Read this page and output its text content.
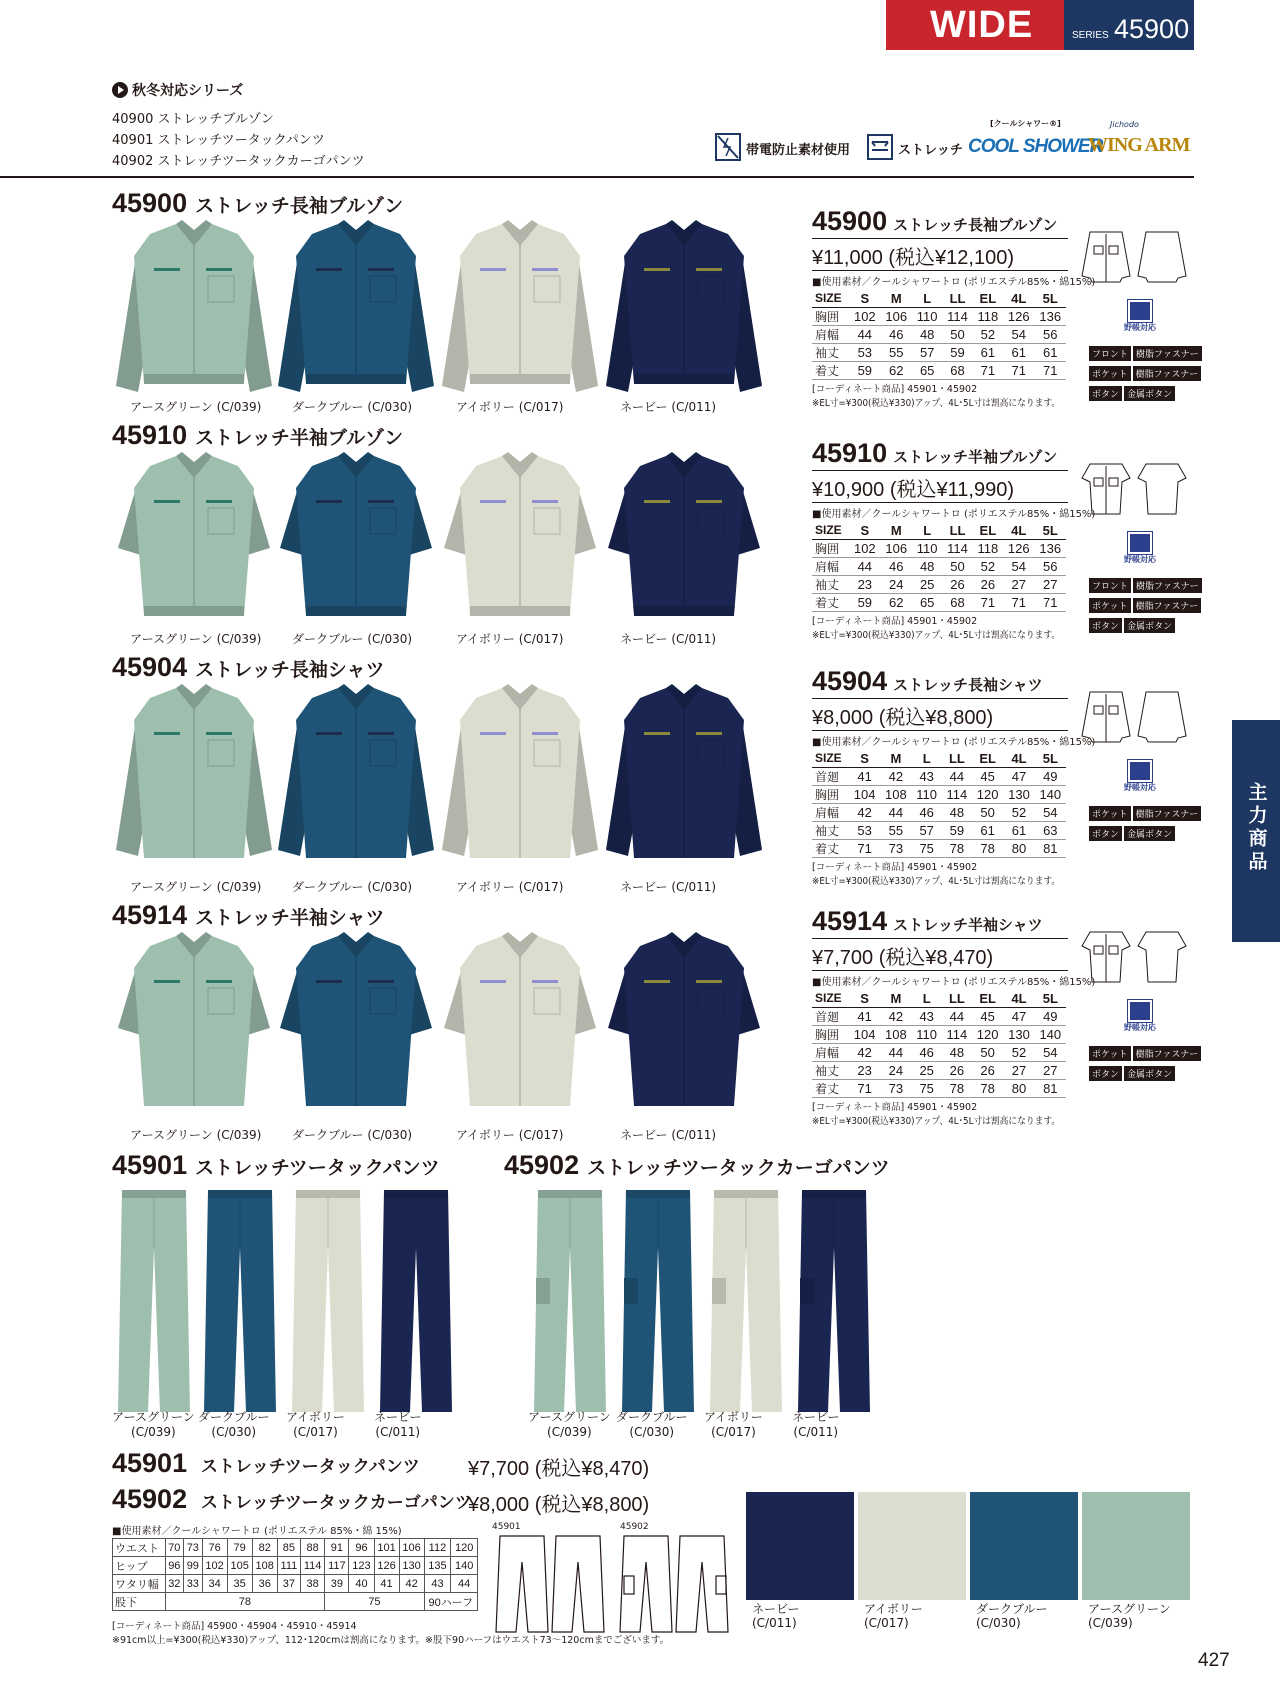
WIDE	SERIES 45900
秋冬対応シリーズ
40900 ストレッチブルゾン
40901 ストレッチツータックパンツ
40902 ストレッチツータックカーゴパンツ
帯電防止素材使用	ストレッチ
[クールシャワー®]
COOL SHOWER
Jichodo
WING ARM
45900 ストレッチ長袖ブルゾン
45910 ストレッチ半袖ブルゾン
45904 ストレッチ長袖シャツ
45914 ストレッチ半袖シャツ
45901 ストレッチツータックパンツ 45902 ストレッチツータックカーゴパンツ
アースグリーン (C/039)	ダークブルー (C/030)	アイボリー (C/017)	ネービー (C/011)
アースグリーン (C/039)	ダークブルー (C/030)	アイボリー (C/017)	ネービー (C/011)
アースグリーン (C/039)	ダークブルー (C/030)	アイボリー (C/017)	ネービー (C/011)
アースグリーン (C/039)	ダークブルー (C/030)	アイボリー (C/017)	ネービー (C/011)
アースグリーン
(C/039)
ダークブルー
(C/030)
アイボリー
(C/017)
ネービー
(C/011)
アースグリーン
(C/039)
ダークブルー
(C/030)
アイボリー
(C/017)
ネービー
(C/011)
45900 ストレッチ長袖ブルゾン
¥11,000 (税込¥12,100)
■使用素材／クールシャワートロ (ポリエステル85%・綿15%)
SIZE	S	M	L	LL	EL	4L	5L
胸囲	102	106	110	114	118	126	136
肩幅	44	46	48	50	52	54	56
袖丈	53	55	57	59	61	61	61
着丈	59	62	65	68	71	71	71
[コーディネート商品] 45901・45902
※EL寸=¥300(税込¥330)アップ、4L･5L寸は割高になります。
野帳対応
フロント 樹脂ファスナー
ポケット 樹脂ファスナー
ボタン 金属ボタン
45910 ストレッチ半袖ブルゾン
¥10,900 (税込¥11,990)
■使用素材／クールシャワートロ (ポリエステル85%・綿15%)
SIZE	S	M	L	LL	EL	4L	5L
胸囲	102	106	110	114	118	126	136
肩幅	44	46	48	50	52	54	56
袖丈	23	24	25	26	26	27	27
着丈	59	62	65	68	71	71	71
[コーディネート商品] 45901・45902
※EL寸=¥300(税込¥330)アップ、4L･5L寸は割高になります。
野帳対応
フロント 樹脂ファスナー
ポケット 樹脂ファスナー
ボタン 金属ボタン
45904 ストレッチ長袖シャツ
¥8,000 (税込¥8,800)
■使用素材／クールシャワートロ (ポリエステル85%・綿15%)
SIZE	S	M	L	LL	EL	4L	5L
首廻	41	42	43	44	45	47	49
胸囲	104	108	110	114	120	130	140
肩幅	42	44	46	48	50	52	54
袖丈	53	55	57	59	61	61	63
着丈	71	73	75	78	78	80	81
[コーディネート商品] 45901・45902
※EL寸=¥300(税込¥330)アップ、4L･5L寸は割高になります。
野帳対応
ポケット 樹脂ファスナー
ボタン 金属ボタン
45914 ストレッチ半袖シャツ
¥7,700 (税込¥8,470)
■使用素材／クールシャワートロ (ポリエステル85%・綿15%)
SIZE	S	M	L	LL	EL	4L	5L
首廻	41	42	43	44	45	47	49
胸囲	104	108	110	114	120	130	140
肩幅	42	44	46	48	50	52	54
袖丈	23	24	25	26	26	27	27
着丈	71	73	75	78	78	80	81
[コーディネート商品] 45901・45902
※EL寸=¥300(税込¥330)アップ、4L･5L寸は割高になります。
野帳対応
ポケット 樹脂ファスナー
ボタン 金属ボタン
主力商品
45901 ストレッチツータックパンツ ¥7,700 (税込¥8,470)
45902 ストレッチツータックカーゴパンツ
¥8,000 (税込¥8,800)
■使用素材／クールシャワートロ (ポリエステル 85%・綿 15%)
ウエスト	70	73	76	79	82	85	88	91	96	101	106	112	120
ヒップ	96	99	102	105	108	111	114	117	123	126	130	135	140
ワタリ幅	32	33	34	35	36	37	38	39	40	41	42	43	44
股下	78							75				90ハーフ	
[コーディネート商品] 45900・45904・45910・45914
※91cm以上=¥300(税込¥330)アップ、112･120cmは割高になります。※股下90ハーフはウエスト73〜120cmまでございます。
45901	45902
ネービー
(C/011)
アイボリー
(C/017)
ダークブルー
(C/030)
アースグリーン
(C/039)
427
